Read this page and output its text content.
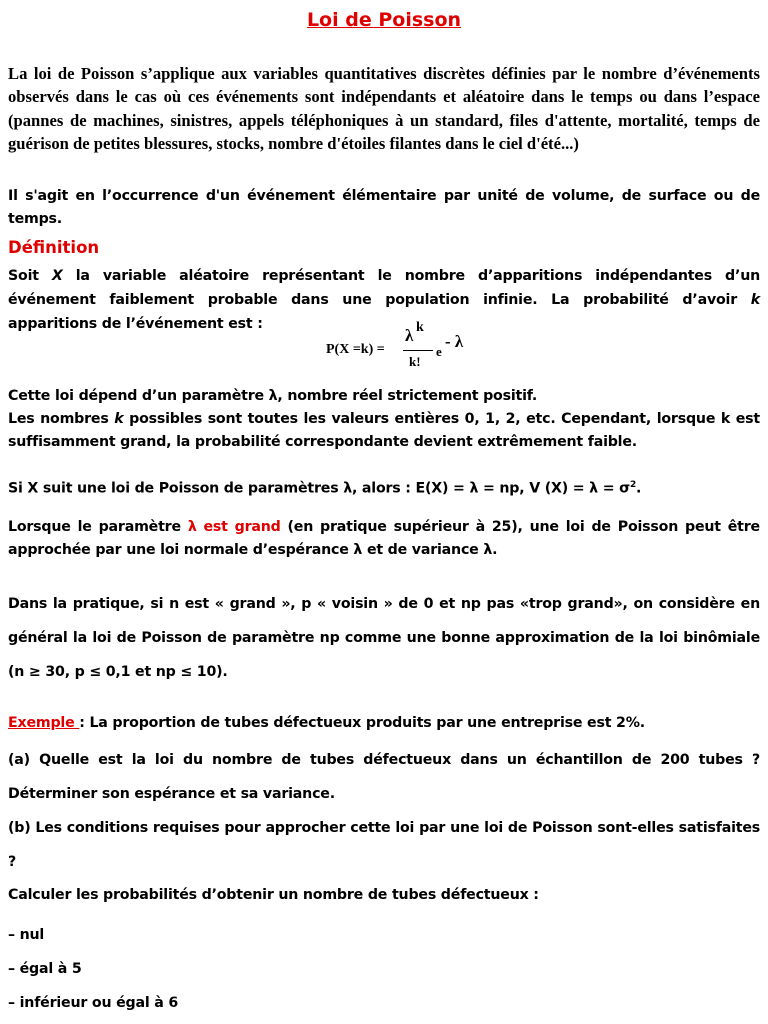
Loi de Poisson
La loi de Poisson s’applique aux variables quantitatives discrètes définies par le nombre d’événements observés dans le cas où ces événements sont indépendants et aléatoire dans le temps ou dans l’espace (pannes de machines, sinistres, appels téléphoniques à un standard, files d'attente, mortalité, temps de guérison de petites blessures, stocks, nombre d'étoiles filantes dans le ciel d'été...)
Il s'agit en l’occurrence d'un événement élémentaire par unité de volume, de surface ou de temps.
Définition
Soit X la variable aléatoire représentant le nombre d’apparitions indépendantes d’un événement faiblement probable dans une population infinie. La probabilité d’avoir k apparitions de l’événement est :
P(X =k) =
λ k
k!
e
- λ
Cette loi dépend d’un paramètre λ, nombre réel strictement positif.
Les nombres k possibles sont toutes les valeurs entières 0, 1, 2, etc. Cependant, lorsque k est suffisamment grand, la probabilité correspondante devient extrêmement faible.
Si X suit une loi de Poisson de paramètres λ, alors : E(X) = λ = np, V $(X) = \lambda = \sigma^2$.
Lorsque le paramètre λ est grand (en pratique supérieur à 25), une loi de Poisson peut être approchée par une loi normale d’espérance λ et de variance λ.
Dans la pratique, si n est « grand », p « voisin » de 0 et np pas «trop grand», on considère en général la loi de Poisson de paramètre np comme une bonne approximation de la loi binômiale (n ≥ 30, p ≤ 0,1 et np ≤ 10).
Exemple : La proportion de tubes défectueux produits par une entreprise est 2%.
(a) Quelle est la loi du nombre de tubes défectueux dans un échantillon de 200 tubes ? Déterminer son espérance et sa variance.
(b) Les conditions requises pour approcher cette loi par une loi de Poisson sont-elles satisfaites ?
Calculer les probabilités d’obtenir un nombre de tubes défectueux :
– nul
– égal à 5
– inférieur ou égal à 6
